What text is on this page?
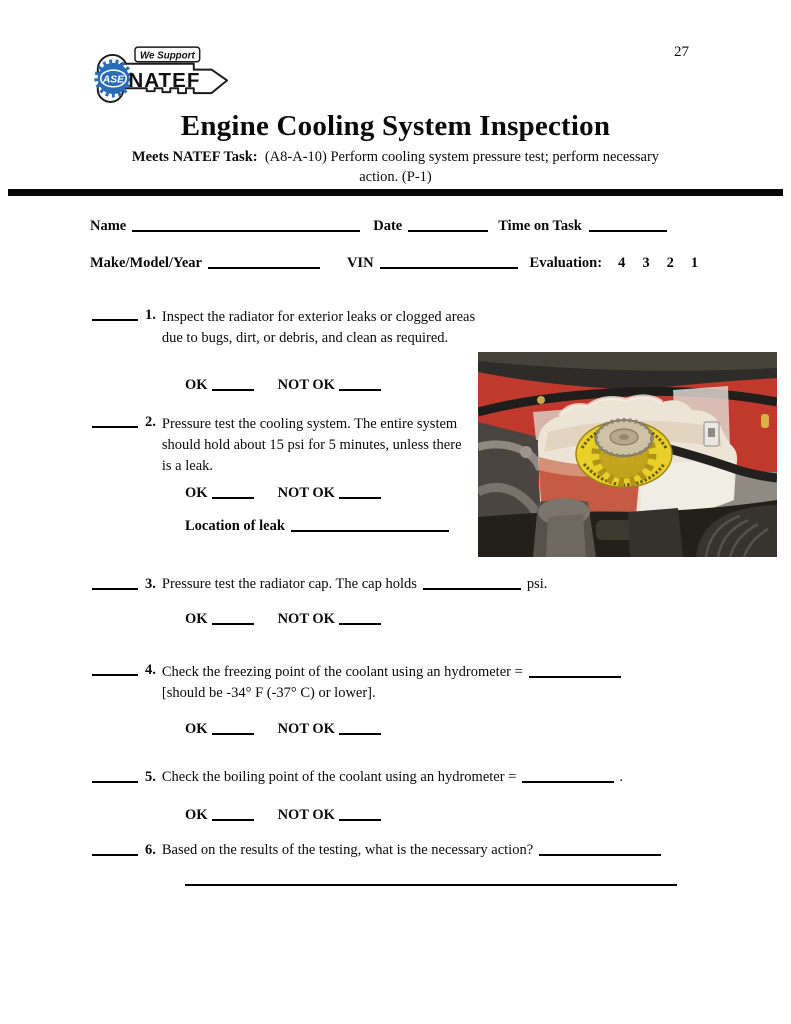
We Support
ASE NATEF
27
Engine Cooling System Inspection
Meets NATEF Task: (A8-A-10) Perform cooling system pressure test; perform necessary
action. (P-1)
Name	Date	Time on Task
Make/Model/Year	VIN	Evaluation: 4 3 2 1
1. Inspect the radiator for exterior leaks or clogged areas due to bugs, dirt, or debris, and clean as required.
OK	NOT OK
2. Pressure test the cooling system. The entire system should hold about 15 psi for 5 minutes, unless there is a leak.
OK	NOT OK
Location of leak
3. Pressure test the radiator cap. The cap holds	psi.
OK	NOT OK
4. Check the freezing point of the coolant using an hydrometer =
[should be -34° F (-37° C) or lower].
OK	NOT OK
5. Check the boiling point of the coolant using an hydrometer =	.
OK	NOT OK
6. Based on the results of the testing, what is the necessary action?
